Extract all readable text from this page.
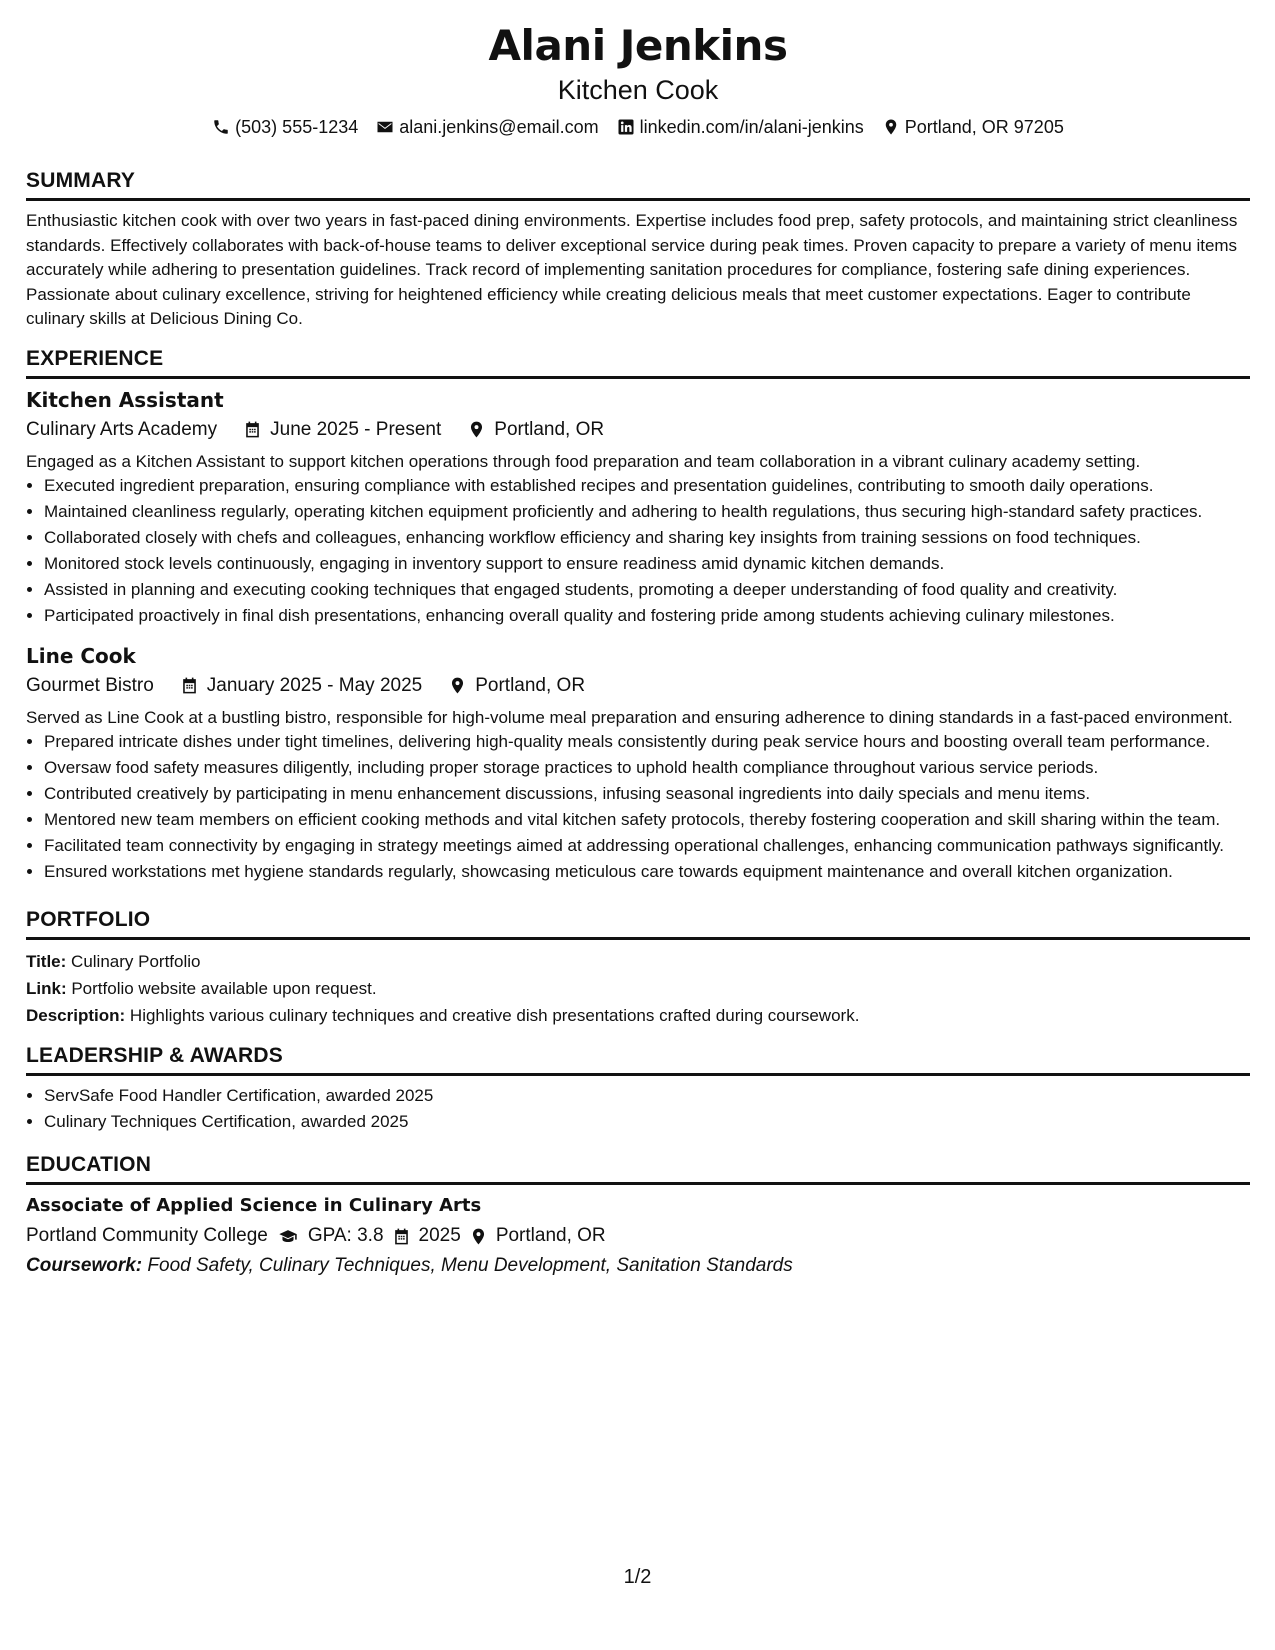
Alani Jenkins
Kitchen Cook
(503) 555-1234 alani.jenkins@email.com linkedin.com/in/alani-jenkins Portland, OR 97205
SUMMARY

Enthusiastic kitchen cook with over two years in fast-paced dining environments. Expertise includes food prep, safety protocols, and maintaining strict cleanliness standards. Effectively collaborates with back-of-house teams to deliver exceptional service during peak times. Proven capacity to prepare a variety of menu items accurately while adhering to presentation guidelines. Track record of implementing sanitation procedures for compliance, fostering safe dining experiences. Passionate about culinary excellence, striving for heightened efficiency while creating delicious meals that meet customer expectations. Eager to contribute culinary skills at Delicious Dining Co.

EXPERIENCE
Kitchen Assistant
Culinary Arts Academy	June 2025 - Present	Portland, OR

Engaged as a Kitchen Assistant to support kitchen operations through food preparation and team collaboration in a vibrant culinary academy setting.

• Executed ingredient preparation, ensuring compliance with established recipes and presentation guidelines, contributing to smooth daily operations.
• Maintained cleanliness regularly, operating kitchen equipment proficiently and adhering to health regulations, thus securing high-standard safety practices.
• Collaborated closely with chefs and colleagues, enhancing workflow efficiency and sharing key insights from training sessions on food techniques.
• Monitored stock levels continuously, engaging in inventory support to ensure readiness amid dynamic kitchen demands.
• Assisted in planning and executing cooking techniques that engaged students, promoting a deeper understanding of food quality and creativity.
• Participated proactively in final dish presentations, enhancing overall quality and fostering pride among students achieving culinary milestones.
Line Cook
Gourmet Bistro	January 2025 - May 2025	Portland, OR

Served as Line Cook at a bustling bistro, responsible for high-volume meal preparation and ensuring adherence to dining standards in a fast-paced environment.

• Prepared intricate dishes under tight timelines, delivering high-quality meals consistently during peak service hours and boosting overall team performance.
• Oversaw food safety measures diligently, including proper storage practices to uphold health compliance throughout various service periods.
• Contributed creatively by participating in menu enhancement discussions, infusing seasonal ingredients into daily specials and menu items.
• Mentored new team members on efficient cooking methods and vital kitchen safety protocols, thereby fostering cooperation and skill sharing within the team.
• Facilitated team connectivity by engaging in strategy meetings aimed at addressing operational challenges, enhancing communication pathways significantly.
• Ensured workstations met hygiene standards regularly, showcasing meticulous care towards equipment maintenance and overall kitchen organization.
PORTFOLIO
Title: Culinary Portfolio
Link: Portfolio website available upon request.
Description: Highlights various culinary techniques and creative dish presentations crafted during coursework.
LEADERSHIP & AWARDS
• ServSafe Food Handler Certification, awarded 2025
• Culinary Techniques Certification, awarded 2025
EDUCATION
Associate of Applied Science in Culinary Arts
Portland Community College GPA: 3.8 2025 Portland, OR
Coursework: Food Safety, Culinary Techniques, Menu Development, Sanitation Standards
1/2
